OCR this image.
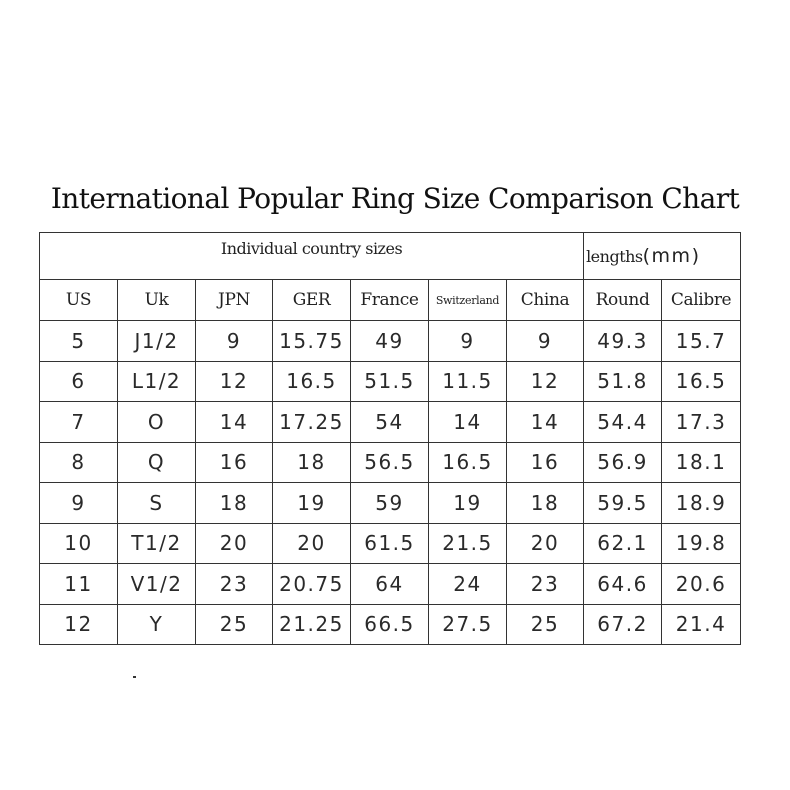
International Popular Ring Size Comparison Chart
Individual country sizes							lengths(mm)	
US	Uk	JPN	GER	France	Switzerland	China	Round	Calibre
5	J1/2	9	15.75	49	9	9	49.3	15.7
6	L1/2	12	16.5	51.5	11.5	12	51.8	16.5
7	O	14	17.25	54	14	14	54.4	17.3
8	Q	16	18	56.5	16.5	16	56.9	18.1
9	S	18	19	59	19	18	59.5	18.9
10	T1/2	20	20	61.5	21.5	20	62.1	19.8
11	V1/2	23	20.75	64	24	23	64.6	20.6
12	Y	25	21.25	66.5	27.5	25	67.2	21.4
